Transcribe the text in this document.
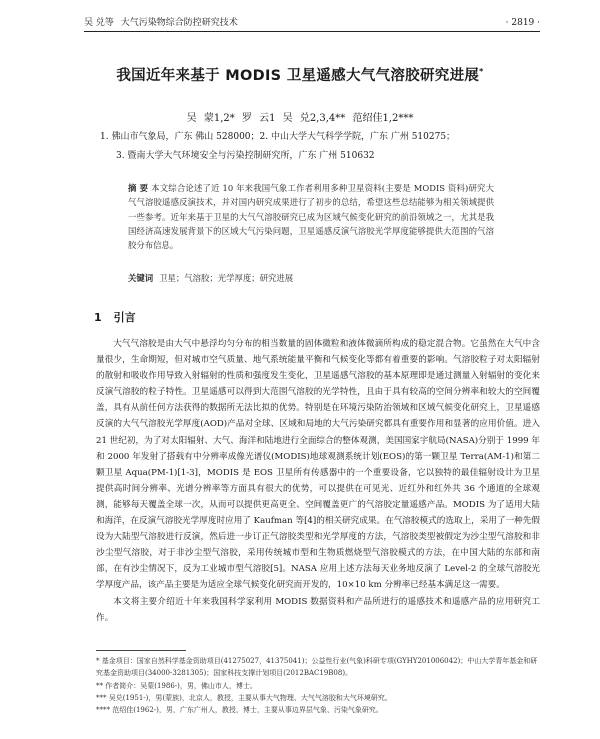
吴 兑等 大气污染物综合防控研究技术	· 2819 ·
我国近年来基于 MODIS 卫星遥感大气气溶胶研究进展*
吴 蒙1,2* 罗 云1 吴 兑2,3,4** 范绍佳1,2***
1. 佛山市气象局，广东 佛山 528000；2. 中山大学大气科学学院，广东 广州 510275；
3. 暨南大学大气环境安全与污染控制研究所，广东 广州 510632
摘 要 本文综合论述了近 10 年来我国气象工作者利用多种卫星资料(主要是 MODIS 资料)研究大气气溶胶遥感反演技术，并对国内研究成果进行了初步的总结，希望这些总结能够为相关领域提供一些参考。近年来基于卫星的大气气溶胶研究已成为区域气候变化研究的前沿领域之一，尤其是我国经济高速发展背景下的区域大气污染问题，卫星遥感反演气溶胶光学厚度能够提供大范围的气溶胶分布信息。
关键词 卫星；气溶胶；光学厚度；研究进展
1 引言

大气气溶胶是由大气中悬浮均匀分布的相当数量的固体微粒和液体微滴所构成的稳定混合物。它虽然在大气中含量很少，生命期短，但对城市空气质量、地气系统能量平衡和气候变化等都有着重要的影响。气溶胶粒子对太阳辐射的散射和吸收作用导致入射辐射的性质和强度发生变化，卫星遥感气溶胶的基本原理即是通过测量入射辐射的变化来反演气溶胶的粒子特性。卫星遥感可以得到大范围气溶胶的光学特性，且由于具有较高的空间分辨率和较大的空间覆盖，具有从前任何方法获得的数据所无法比拟的优势。特别是在环境污染防治领域和区域气候变化研究上，卫星遥感反演的大气气溶胶光学厚度(AOD)产品对全球、区域和局地的大气污染研究都具有重要作用和显著的应用价值。进入 21 世纪初，为了对太阳辐射、大气、海洋和陆地进行全面综合的整体观测，美国国家宇航局(NASA)分别于 1999 年和 2000 年发射了搭载有中分辨率成像光谱仪(MODIS)地球观测系统计划(EOS)的第一颗卫星 Terra(AM-1)和第二颗卫星 Aqua(PM-1)[1-3]，MODIS 是 EOS 卫星所有传感器中的一个重要设备，它以独特的最佳辐射设计为卫星提供高时间分辨率、光谱分辨率等方面具有很大的优势，可以提供在可见光、近红外和红外共 36 个通道的全球观测，能够每天覆盖全球一次，从而可以提供更高更全、空间覆盖更广的气溶胶定量遥感产品。MODIS 为了适用大陆和海洋，在反演气溶胶光学厚度时应用了 Kaufman 等[4]的相关研究成果。在气溶胶模式的选取上，采用了一种先假设为大陆型气溶胶进行反演，然后进一步订正气溶胶类型和光学厚度的方法，气溶胶类型被假定为沙尘型气溶胶和非沙尘型气溶胶，对于非沙尘型气溶胶，采用传统城市型和生物质燃烧型气溶胶模式的方法，在中国大陆的东部和南部，在有沙尘情况下，反为工业城市型气溶胶[5]。NASA 应用上述方法每天业务地反演了 Level-2 的全球气溶胶光学厚度产品，该产品主要是为适应全球气候变化研究而开发的，10×10 km 分辨率已经基本满足这一需要。

本文将主要介绍近十年来我国科学家利用 MODIS 数据资料和产品所进行的遥感技术和遥感产品的应用研究工作。

* 基金项目：国家自然科学基金资助项目(41275027，41375041)；公益性行业(气象)科研专项(GYHY201006042)；中山大学青年基金和研究基金资助项目(34000-3281305)；国家科技支撑计划项目(2012BAC19B08)。
** 作者简介：吴蒙(1986-)，男，佛山市人，博士。
*** 吴兑(1951-)，男(蒙族)，北京人，教授，主要从事大气物理、大气气溶胶和大气环境研究。
**** 范绍佳(1962-)，男，广东广州人，教授，博士，主要从事边界层气象、污染气象研究。
